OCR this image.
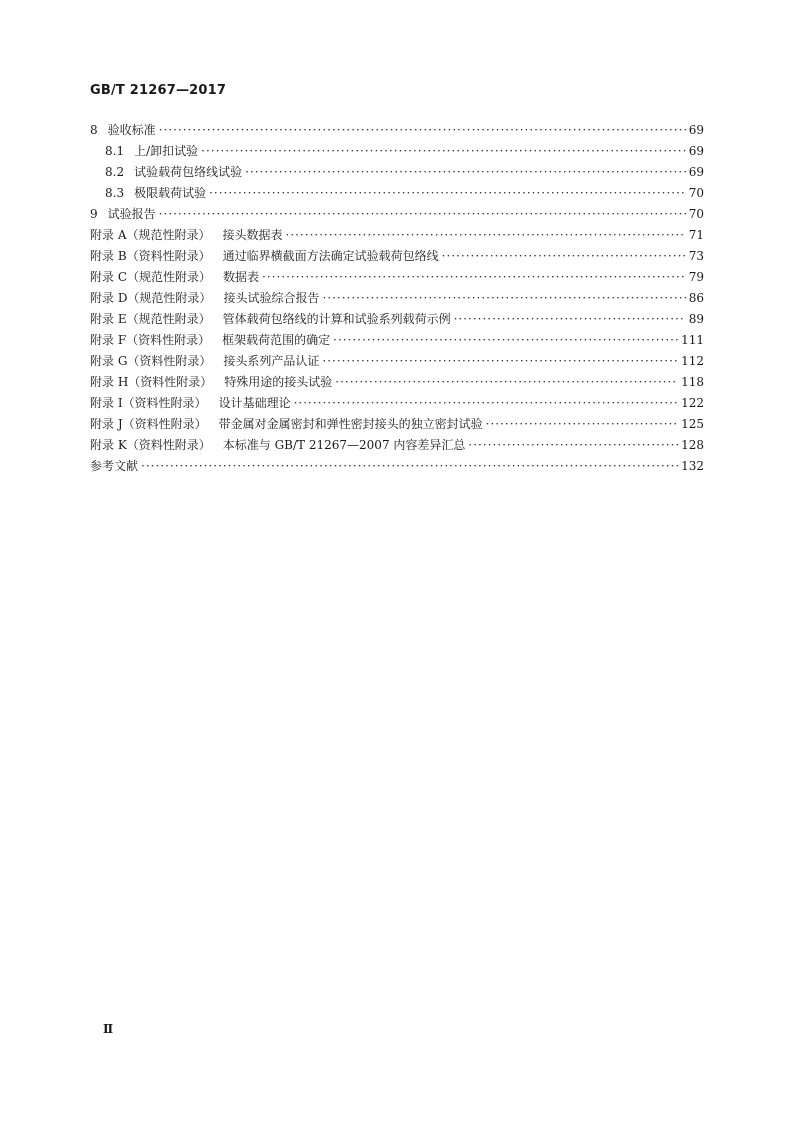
GB/T 21267—2017
8 验收标准 ·····	69
8.1 上/卸扣试验 ·····	69
8.2 试验载荷包络线试验 ·····	69
8.3 极限载荷试验 ·····	70
9 试验报告 ·····	70
附录 A（规范性附录） 接头数据表 ·····	71
附录 B（资料性附录） 通过临界横截面方法确定试验载荷包络线 ·····	73
附录 C（规范性附录） 数据表 ·····	79
附录 D（规范性附录） 接头试验综合报告 ·····	86
附录 E（规范性附录） 管体载荷包络线的计算和试验系列载荷示例 ·····	89
附录 F（资料性附录） 框架载荷范围的确定 ·····	111
附录 G（资料性附录） 接头系列产品认证 ·····	112
附录 H（资料性附录） 特殊用途的接头试验 ·····	118
附录 I（资料性附录） 设计基础理论 ·····	122
附录 J（资料性附录） 带金属对金属密封和弹性密封接头的独立密封试验 ·····	125
附录 K（资料性附录） 本标准与 GB/T 21267—2007 内容差异汇总 ·····	128
参考文献 ·····	132
Ⅱ
